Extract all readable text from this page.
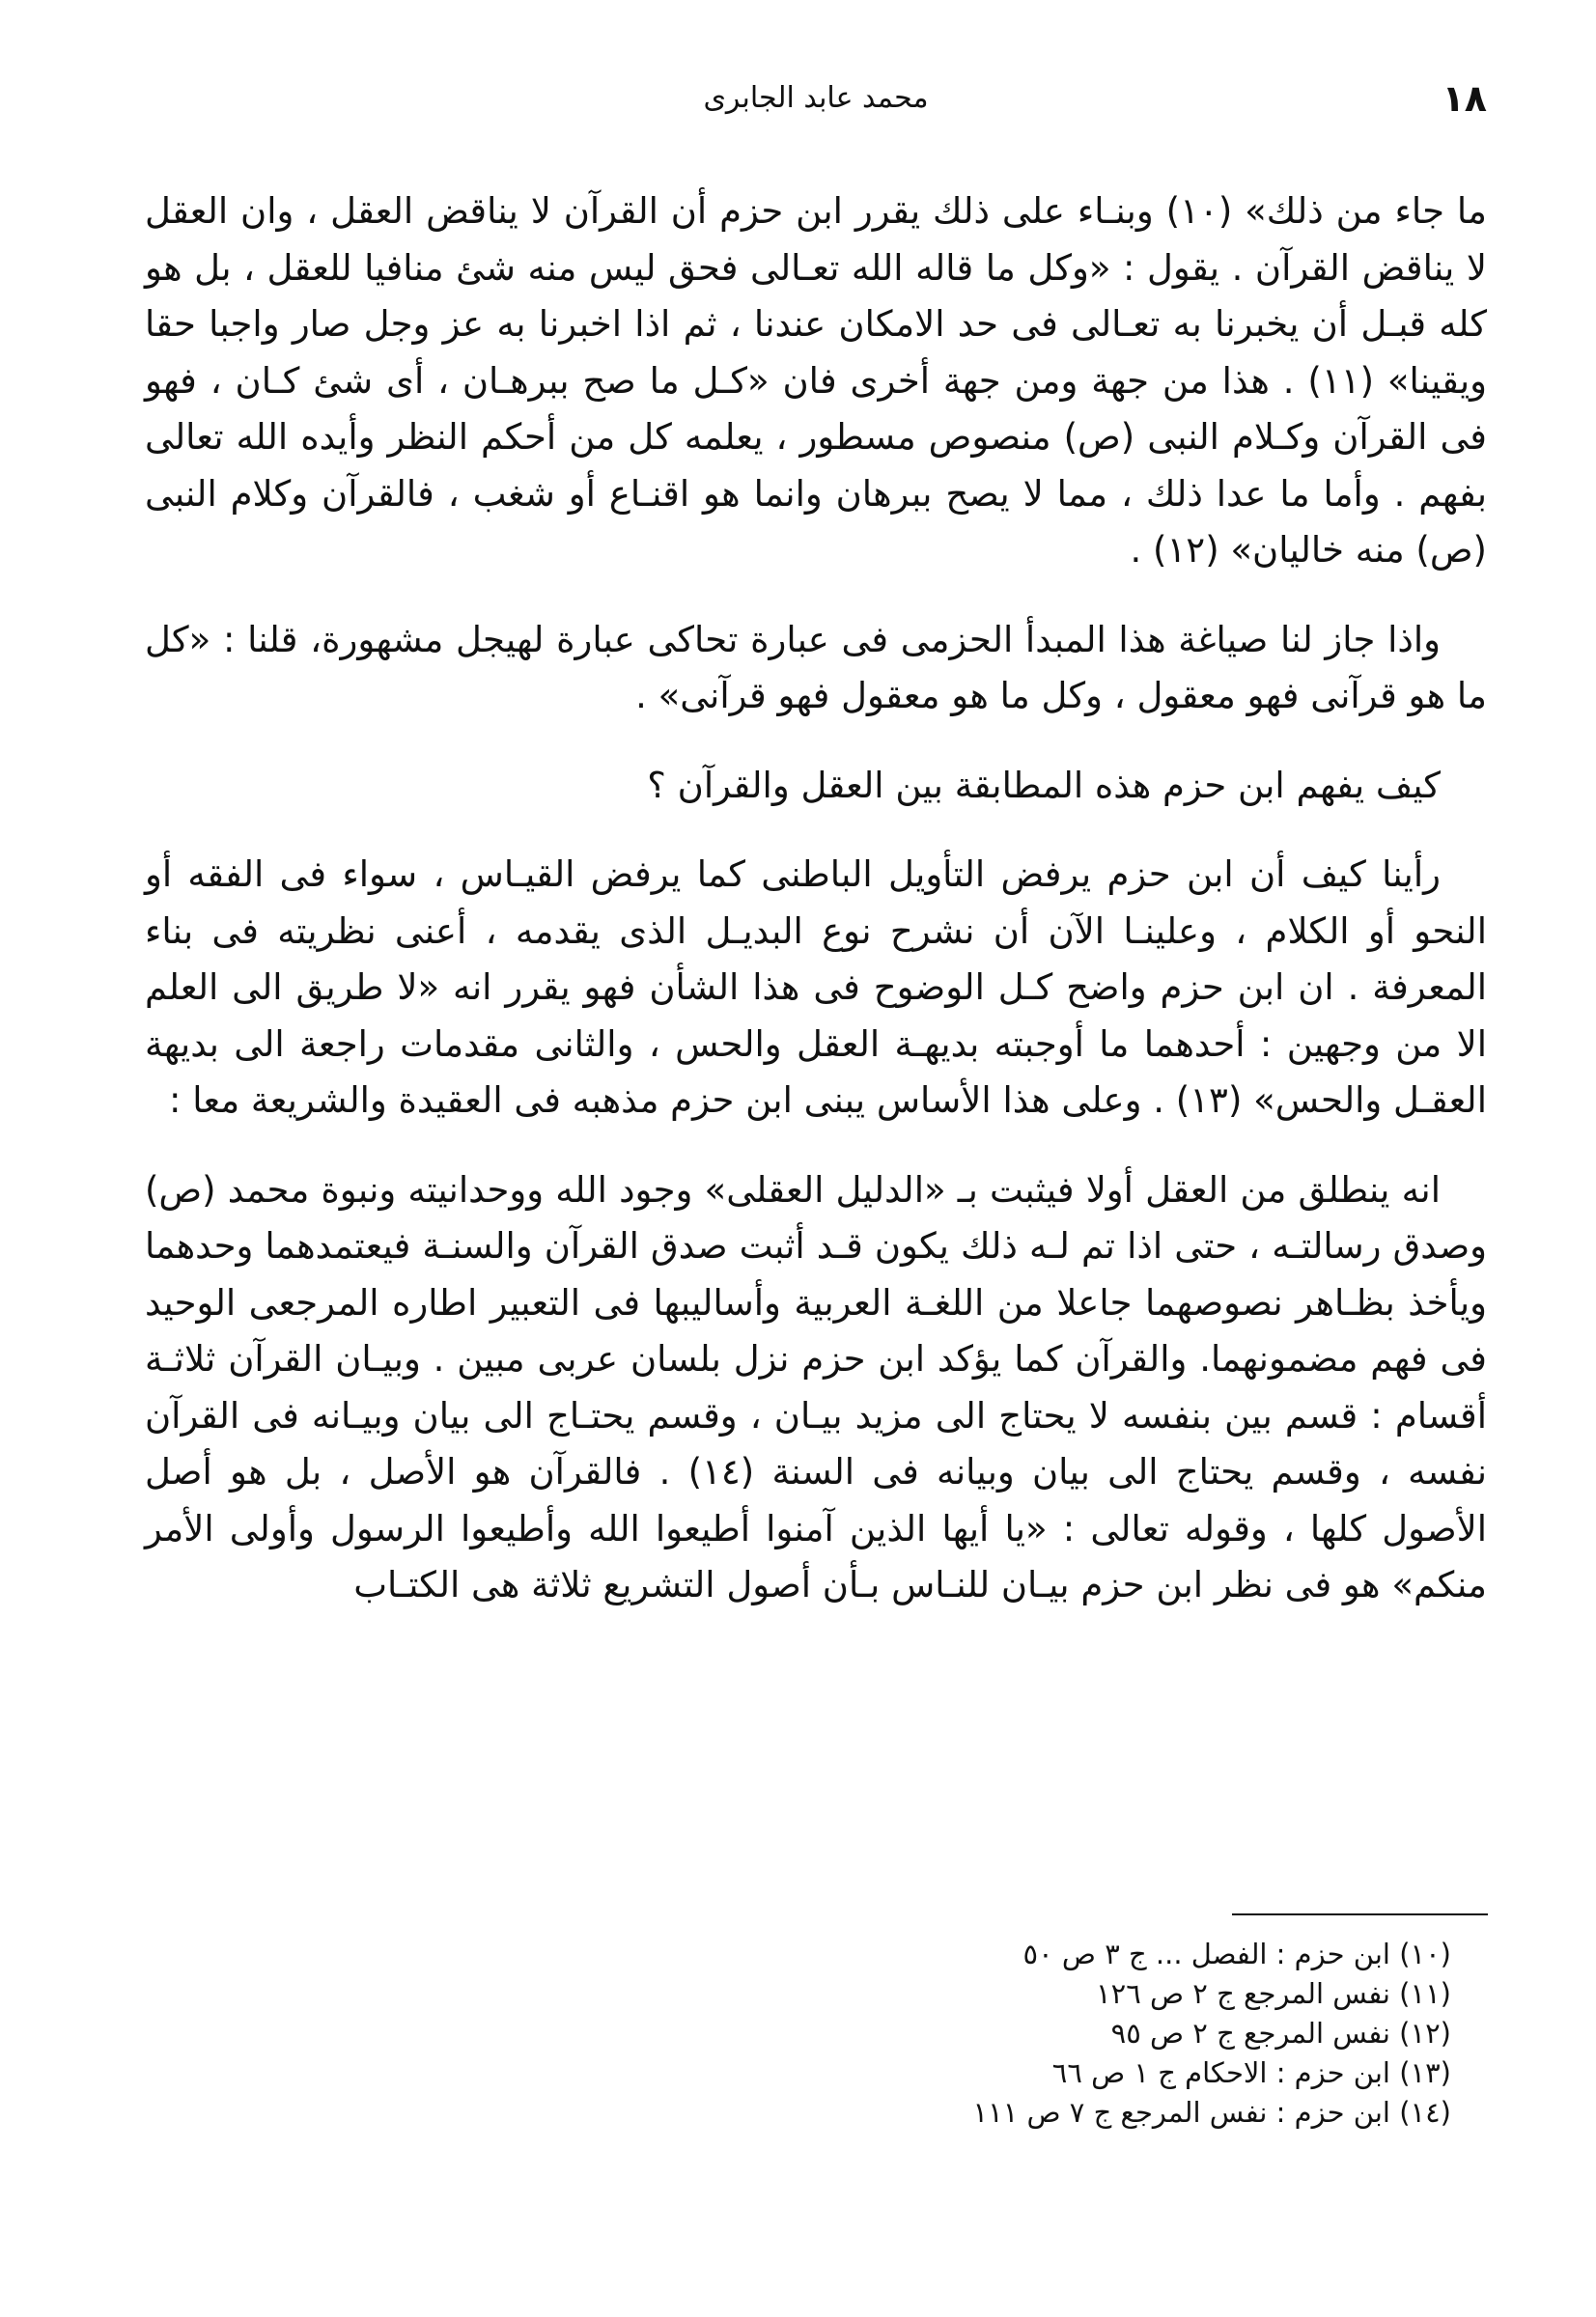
١٨
محمد عابد الجابرى

ما جاء من ذلك» (١٠) وبنـاء على ذلك يقرر ابن حزم أن القرآن لا يناقض العقل ، وان العقل لا يناقض القرآن . يقول : «وكل ما قاله الله تعـالى فحق ليس منه شئ منافيا للعقل ، بل هو كله قبـل أن يخبرنا به تعـالى فى حد الامكان عندنا ، ثم اذا اخبرنا به عز وجل صار واجبا حقا ويقينا» (١١) . هذا من جهة ومن جهة أخرى فان «كـل ما صح ببرهـان ، أى شئ كـان ، فهو فى القرآن وكـلام النبى (ص) منصوص مسطور ، يعلمه كل من أحكم النظر وأيده الله تعالى بفهم . وأما ما عدا ذلك ، مما لا يصح ببرهان وانما هو اقنـاع أو شغب ، فالقرآن وكلام النبى (ص) منه خاليان» (١٢) .

واذا جاز لنا صياغة هذا المبدأ الحزمى فى عبارة تحاكى عبارة لهيجل مشهورة، قلنا : «كل ما هو قرآنى فهو معقول ، وكل ما هو معقول فهو قرآنى» .

كيف يفهم ابن حزم هذه المطابقة بين العقل والقرآن ؟

رأينا كيف أن ابن حزم يرفض التأويل الباطنى كما يرفض القيـاس ، سواء فى الفقه أو النحو أو الكلام ، وعلينـا الآن أن نشرح نوع البديـل الذى يقدمه ، أعنى نظريته فى بناء المعرفة . ان ابن حزم واضح كـل الوضوح فى هذا الشأن فهو يقرر انه «لا طريق الى العلم الا من وجهين : أحدهما ما أوجبته بديهـة العقل والحس ، والثانى مقدمات راجعة الى بديهة العقـل والحس» (١٣) . وعلى هذا الأساس يبنى ابن حزم مذهبه فى العقيدة والشريعة معا :

انه ينطلق من العقل أولا فيثبت بـ «الدليل العقلى» وجود الله ووحدانيته ونبوة محمد (ص) وصدق رسالتـه ، حتى اذا تم لـه ذلك يكون قـد أثبت صدق القرآن والسنـة فيعتمدهما وحدهما ويأخذ بظـاهر نصوصهما جاعلا من اللغـة العربية وأساليبها فى التعبير اطاره المرجعى الوحيد فى فهم مضمونهما. والقرآن كما يؤكد ابن حزم نزل بلسان عربى مبين . وبيـان القرآن ثلاثـة أقسام : قسم بين بنفسه لا يحتاج الى مزيد بيـان ، وقسم يحتـاج الى بيان وبيـانه فى القرآن نفسه ، وقسم يحتاج الى بيان وبيانه فى السنة (١٤) . فالقرآن هو الأصل ، بل هو أصل الأصول كلها ، وقوله تعالى : «يا أيها الذين آمنوا أطيعوا الله وأطيعوا الرسول وأولى الأمر منكم» هو فى نظر ابن حزم بيـان للنـاس بـأن أصول التشريع ثلاثة هى الكتـاب

(١٠) ابن حزم : الفصل ... ج ٣ ص ٥٠
(١١) نفس المرجع ج ٢ ص ١٢٦
(١٢) نفس المرجع ج ٢ ص ٩٥
(١٣) ابن حزم : الاحكام ج ١ ص ٦٦
(١٤) ابن حزم : نفس المرجع ج ٧ ص ١١١
